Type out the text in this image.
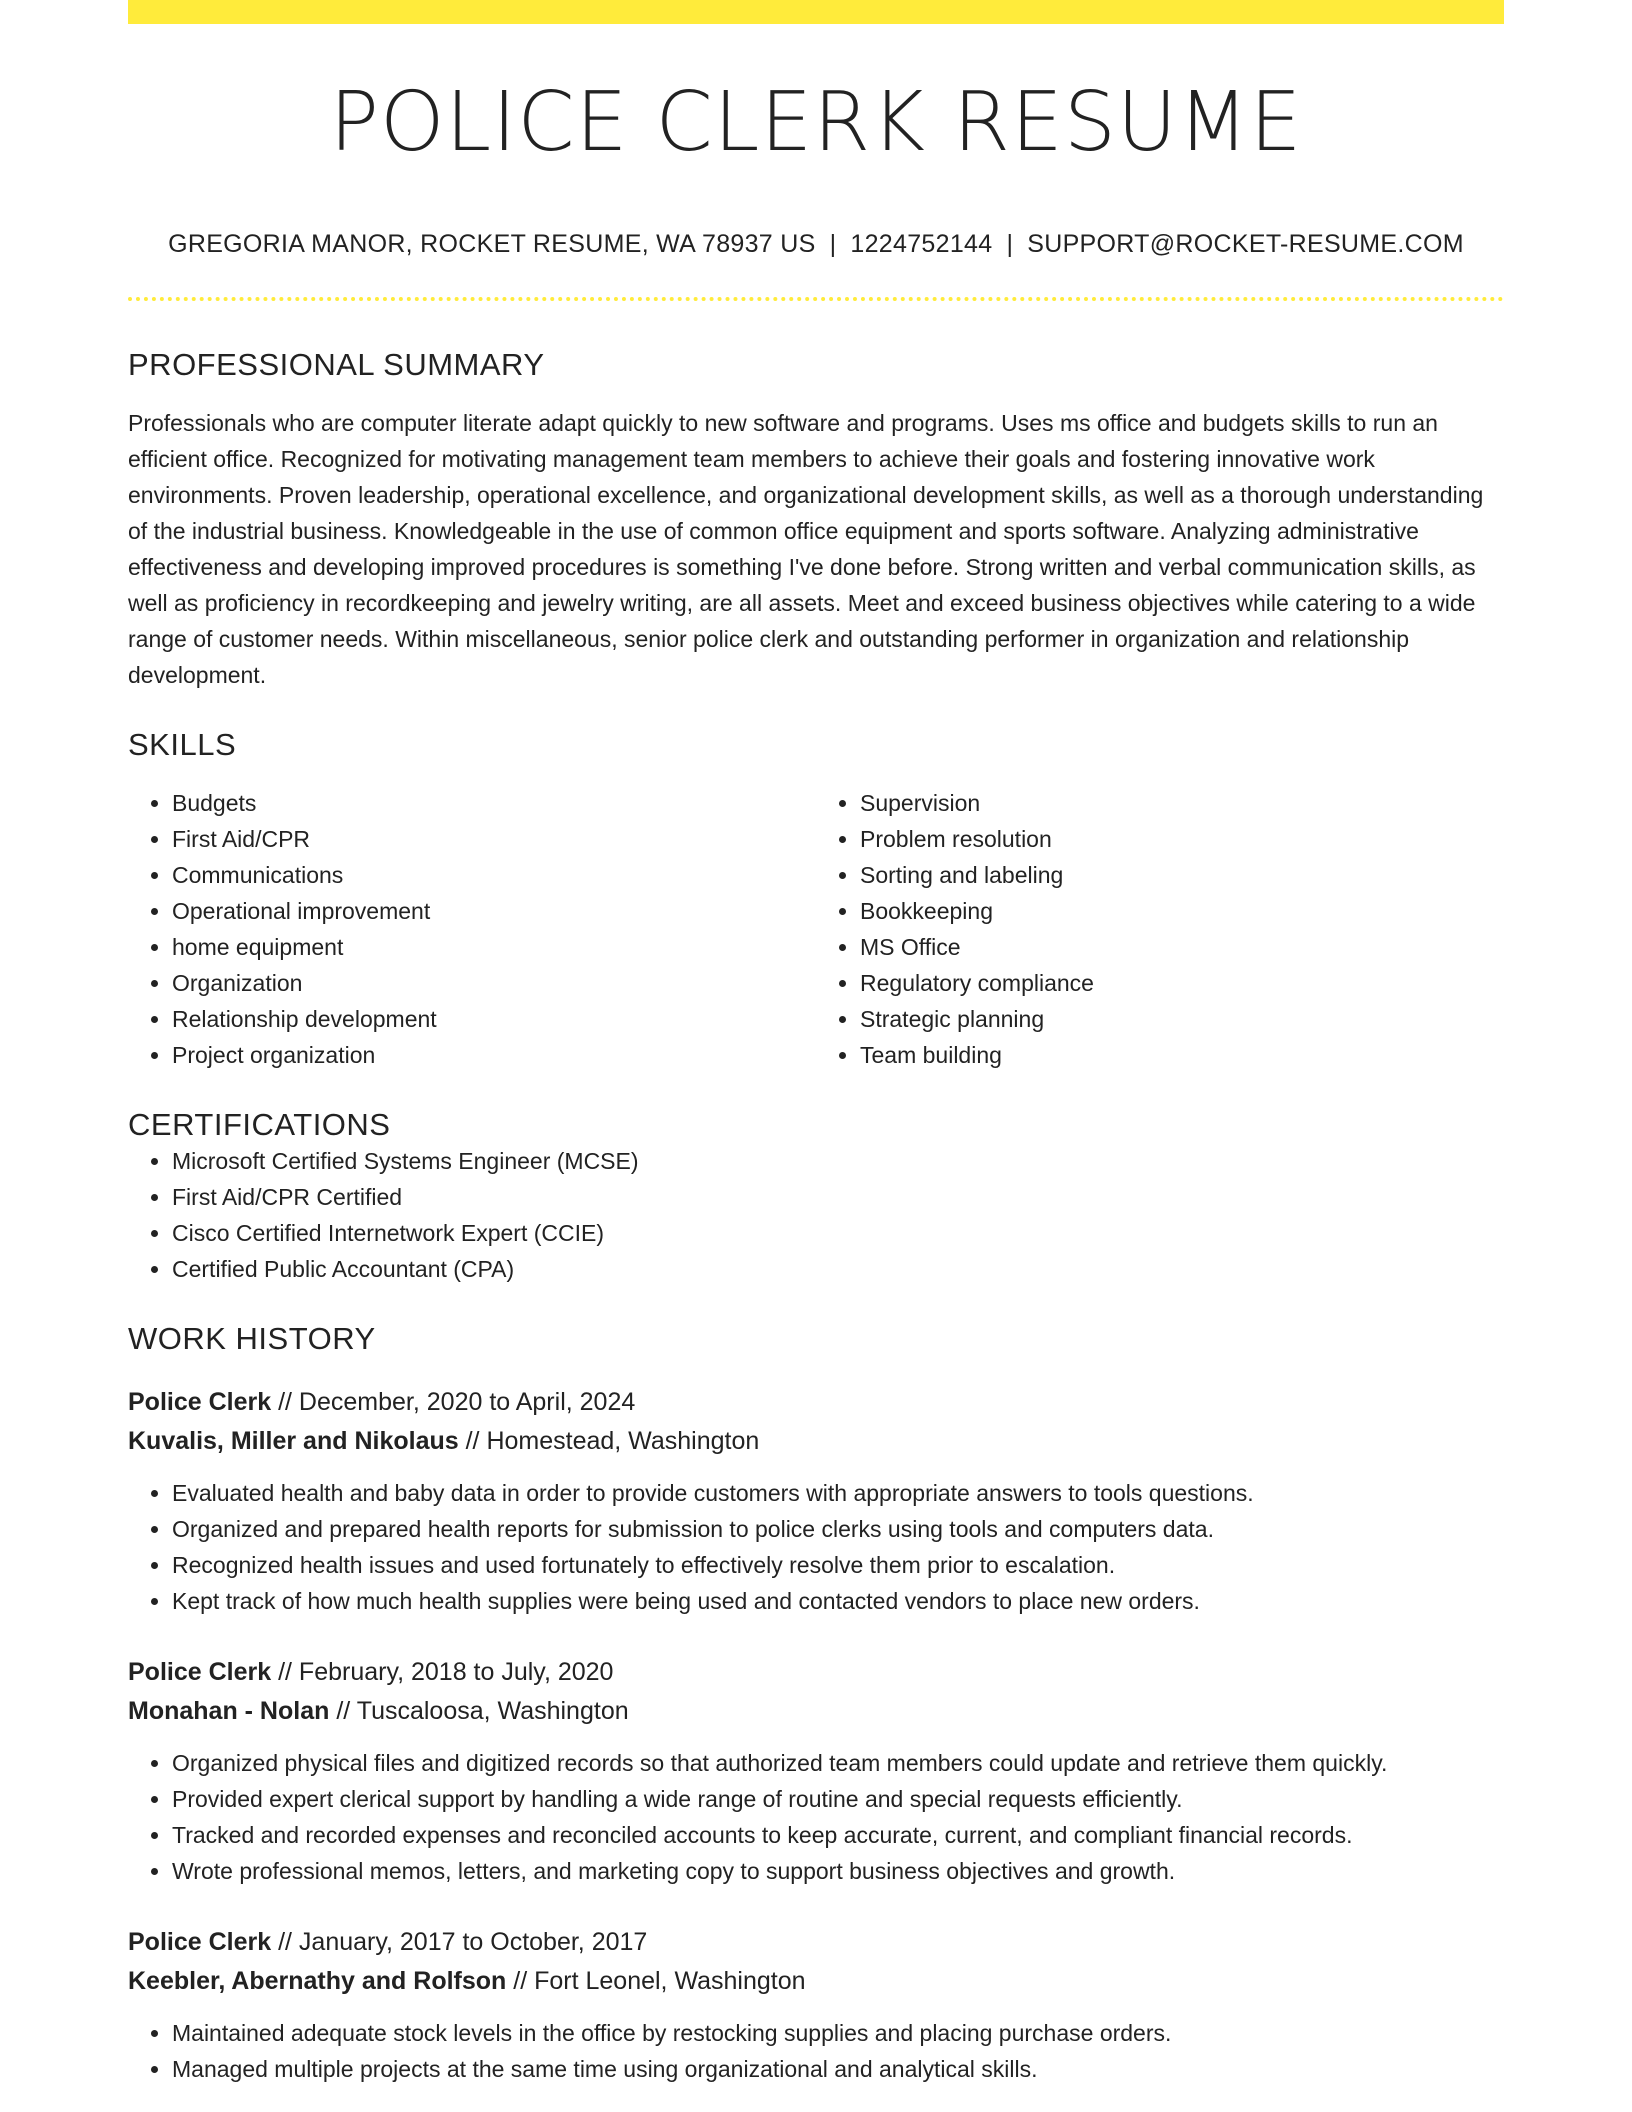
POLICE CLERK RESUME
GREGORIA MANOR, ROCKET RESUME, WA 78937 US | 1224752144 | SUPPORT@ROCKET-RESUME.COM
PROFESSIONAL SUMMARY

Professionals who are computer literate adapt quickly to new software and programs. Uses ms office and budgets skills to run an efficient office. Recognized for motivating management team members to achieve their goals and fostering innovative work environments. Proven leadership, operational excellence, and organizational development skills, as well as a thorough understanding of the industrial business. Knowledgeable in the use of common office equipment and sports software. Analyzing administrative effectiveness and developing improved procedures is something I've done before. Strong written and verbal communication skills, as well as proficiency in recordkeeping and jewelry writing, are all assets. Meet and exceed business objectives while catering to a wide range of customer needs. Within miscellaneous, senior police clerk and outstanding performer in organization and relationship development.

SKILLS
• Budgets
• First Aid/CPR
• Communications
• Operational improvement
• home equipment
• Organization
• Relationship development
• Project organization
• Supervision
• Problem resolution
• Sorting and labeling
• Bookkeeping
• MS Office
• Regulatory compliance
• Strategic planning
• Team building
CERTIFICATIONS
• Microsoft Certified Systems Engineer (MCSE)
• First Aid/CPR Certified
• Cisco Certified Internetwork Expert (CCIE)
• Certified Public Accountant (CPA)
WORK HISTORY
Police Clerk // December, 2020 to April, 2024
Kuvalis, Miller and Nikolaus // Homestead, Washington
• Evaluated health and baby data in order to provide customers with appropriate answers to tools questions.
• Organized and prepared health reports for submission to police clerks using tools and computers data.
• Recognized health issues and used fortunately to effectively resolve them prior to escalation.
• Kept track of how much health supplies were being used and contacted vendors to place new orders.
Police Clerk // February, 2018 to July, 2020
Monahan - Nolan // Tuscaloosa, Washington
• Organized physical files and digitized records so that authorized team members could update and retrieve them quickly.
• Provided expert clerical support by handling a wide range of routine and special requests efficiently.
• Tracked and recorded expenses and reconciled accounts to keep accurate, current, and compliant financial records.
• Wrote professional memos, letters, and marketing copy to support business objectives and growth.
Police Clerk // January, 2017 to October, 2017
Keebler, Abernathy and Rolfson // Fort Leonel, Washington
• Maintained adequate stock levels in the office by restocking supplies and placing purchase orders.
• Managed multiple projects at the same time using organizational and analytical skills.
